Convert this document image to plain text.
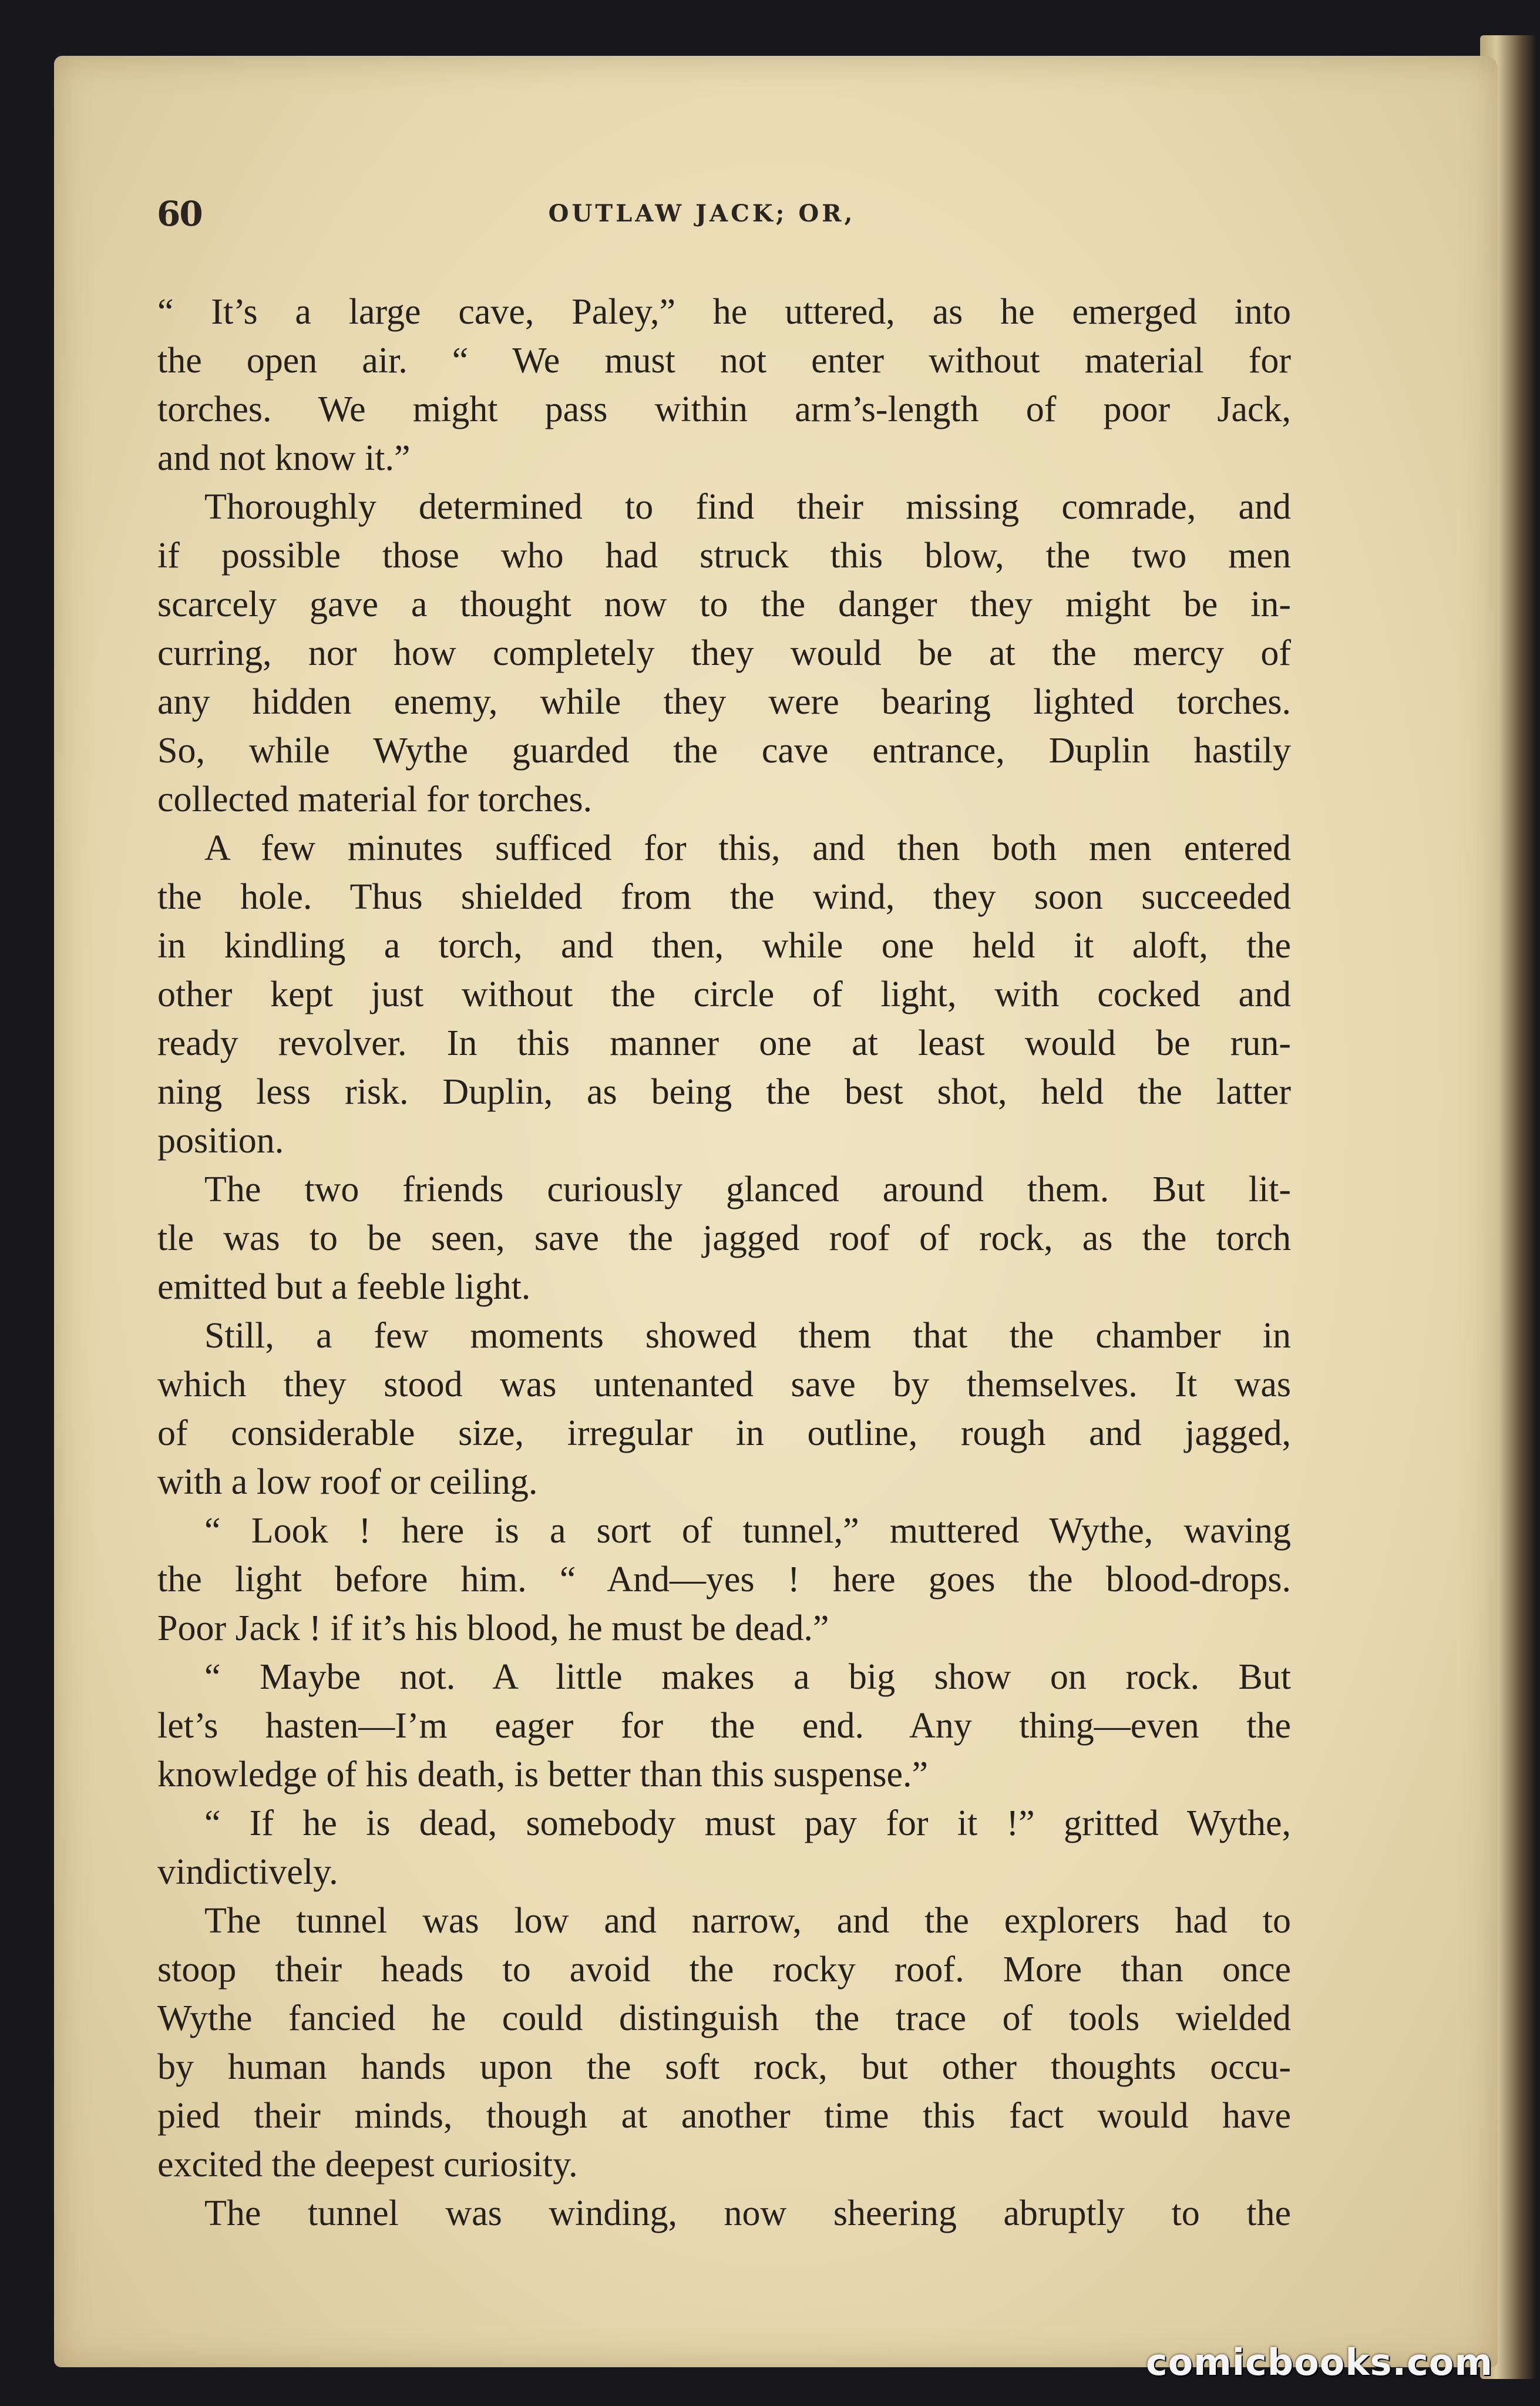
60	OUTLAW JACK; OR,
“ It’s a large cave, Paley,” he uttered, as he emerged into
the open air. “ We must not enter without material for
torches. We might pass within arm’s-length of poor Jack,
and not know it.”
Thoroughly determined to find their missing comrade, and
if possible those who had struck this blow, the two men
scarcely gave a thought now to the danger they might be in-
curring, nor how completely they would be at the mercy of
any hidden enemy, while they were bearing lighted torches.
So, while Wythe guarded the cave entrance, Duplin hastily
collected material for torches.
A few minutes sufficed for this, and then both men entered
the hole. Thus shielded from the wind, they soon succeeded
in kindling a torch, and then, while one held it aloft, the
other kept just without the circle of light, with cocked and
ready revolver. In this manner one at least would be run-
ning less risk. Duplin, as being the best shot, held the latter
position.
The two friends curiously glanced around them. But lit-
tle was to be seen, save the jagged roof of rock, as the torch
emitted but a feeble light.
Still, a few moments showed them that the chamber in
which they stood was untenanted save by themselves. It was
of considerable size, irregular in outline, rough and jagged,
with a low roof or ceiling.
“ Look ! here is a sort of tunnel,” muttered Wythe, waving
the light before him. “ And—yes ! here goes the blood-drops.
Poor Jack ! if it’s his blood, he must be dead.”
“ Maybe not. A little makes a big show on rock. But
let’s hasten—I’m eager for the end. Any thing—even the
knowledge of his death, is better than this suspense.”
“ If he is dead, somebody must pay for it !” gritted Wythe,
vindictively.
The tunnel was low and narrow, and the explorers had to
stoop their heads to avoid the rocky roof. More than once
Wythe fancied he could distinguish the trace of tools wielded
by human hands upon the soft rock, but other thoughts occu-
pied their minds, though at another time this fact would have
excited the deepest curiosity.
The tunnel was winding, now sheering abruptly to the
comicbooks.com
